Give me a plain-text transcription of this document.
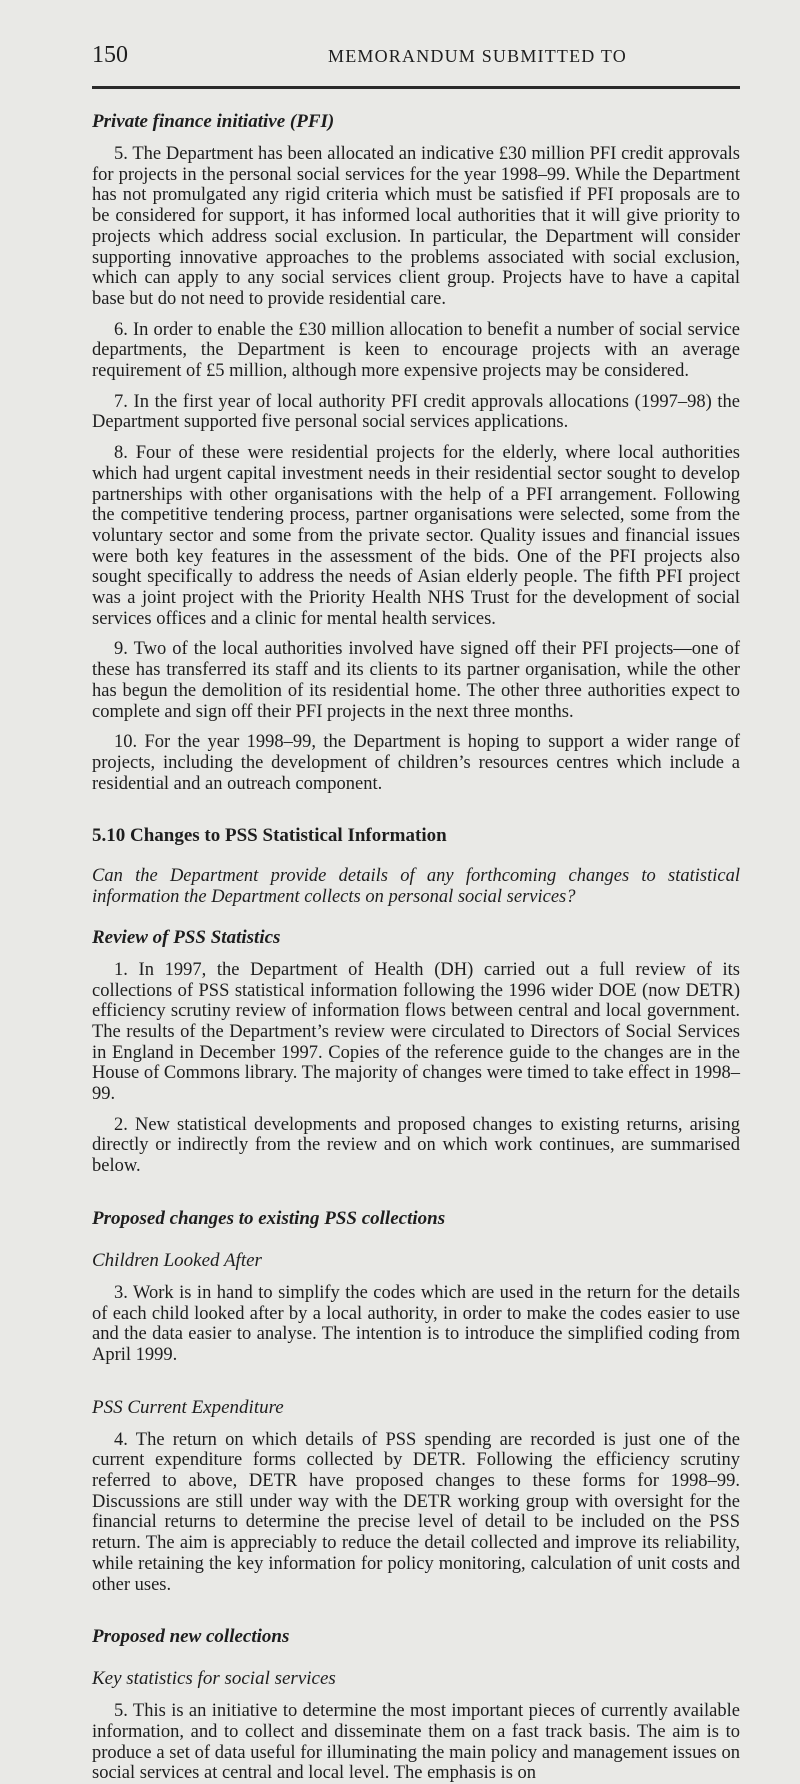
150	MEMORANDUM SUBMITTED TO
Private finance initiative (PFI)

5. The Department has been allocated an indicative £30 million PFI credit approvals for projects in the personal social services for the year 1998–99. While the Department has not promulgated any rigid criteria which must be satisfied if PFI proposals are to be considered for support, it has informed local authorities that it will give priority to projects which address social exclusion. In particular, the Department will consider supporting innovative approaches to the problems associated with social exclusion, which can apply to any social services client group. Projects have to have a capital base but do not need to provide residential care.

6. In order to enable the £30 million allocation to benefit a number of social service departments, the Department is keen to encourage projects with an average requirement of £5 million, although more expensive projects may be considered.

7. In the first year of local authority PFI credit approvals allocations (1997–98) the Department supported five personal social services applications.

8. Four of these were residential projects for the elderly, where local authorities which had urgent capital investment needs in their residential sector sought to develop partnerships with other organisations with the help of a PFI arrangement. Following the competitive tendering process, partner organisations were selected, some from the voluntary sector and some from the private sector. Quality issues and financial issues were both key features in the assessment of the bids. One of the PFI projects also sought specifically to address the needs of Asian elderly people. The fifth PFI project was a joint project with the Priority Health NHS Trust for the development of social services offices and a clinic for mental health services.

9. Two of the local authorities involved have signed off their PFI projects—one of these has transferred its staff and its clients to its partner organisation, while the other has begun the demolition of its residential home. The other three authorities expect to complete and sign off their PFI projects in the next three months.

10. For the year 1998–99, the Department is hoping to support a wider range of projects, including the development of children’s resources centres which include a residential and an outreach component.

5.10 Changes to PSS Statistical Information

Can the Department provide details of any forthcoming changes to statistical information the Department collects on personal social services?

Review of PSS Statistics

1. In 1997, the Department of Health (DH) carried out a full review of its collections of PSS statistical information following the 1996 wider DOE (now DETR) efficiency scrutiny review of information flows between central and local government. The results of the Department’s review were circulated to Directors of Social Services in England in December 1997. Copies of the reference guide to the changes are in the House of Commons library. The majority of changes were timed to take effect in 1998–99.

2. New statistical developments and proposed changes to existing returns, arising directly or indirectly from the review and on which work continues, are summarised below.

Proposed changes to existing PSS collections
Children Looked After

3. Work is in hand to simplify the codes which are used in the return for the details of each child looked after by a local authority, in order to make the codes easier to use and the data easier to analyse. The intention is to introduce the simplified coding from April 1999.

PSS Current Expenditure

4. The return on which details of PSS spending are recorded is just one of the current expenditure forms collected by DETR. Following the efficiency scrutiny referred to above, DETR have proposed changes to these forms for 1998–99. Discussions are still under way with the DETR working group with oversight for the financial returns to determine the precise level of detail to be included on the PSS return. The aim is appreciably to reduce the detail collected and improve its reliability, while retaining the key information for policy monitoring, calculation of unit costs and other uses.

Proposed new collections
Key statistics for social services

5. This is an initiative to determine the most important pieces of currently available information, and to collect and disseminate them on a fast track basis. The aim is to produce a set of data useful for illuminating the main policy and management issues on social services at central and local level. The emphasis is on
